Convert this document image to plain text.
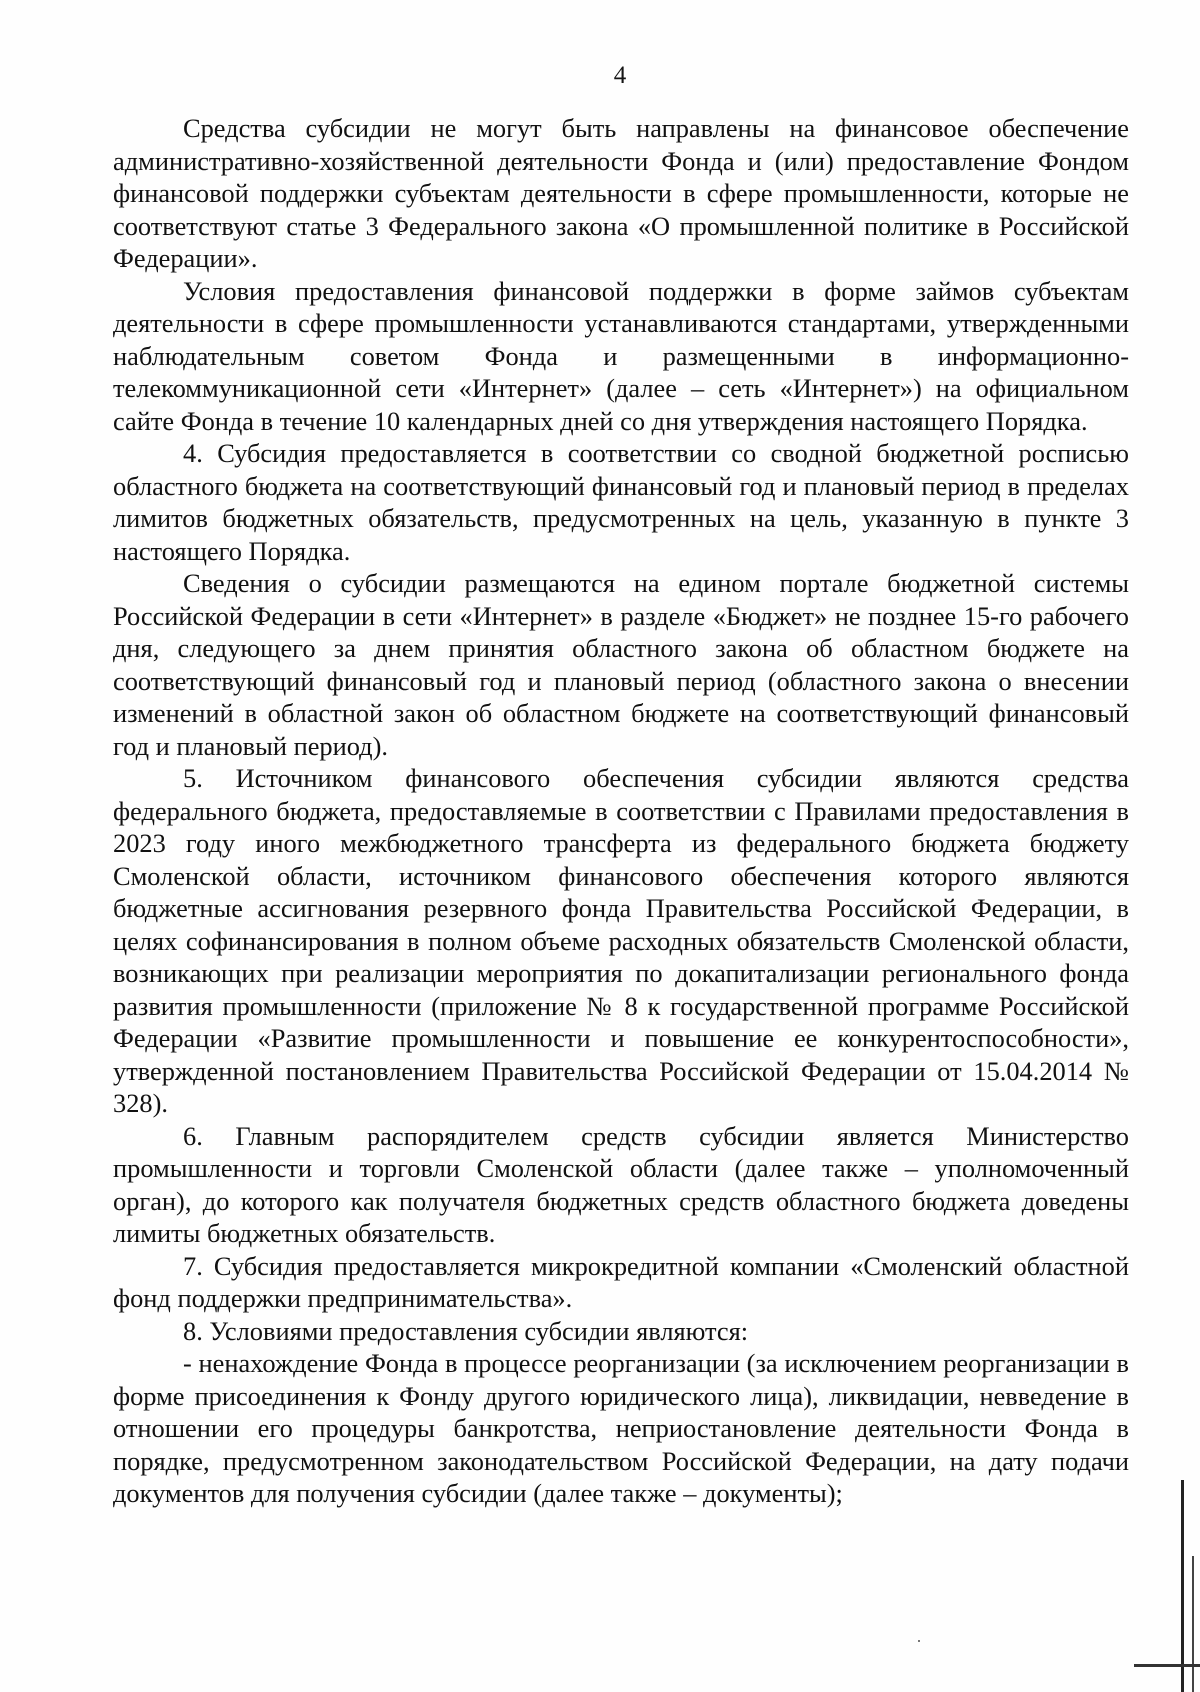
4

Средства субсидии не могут быть направлены на финансовое обеспечение административно-хозяйственной деятельности Фонда и (или) предоставление Фондом финансовой поддержки субъектам деятельности в сфере промышленности, которые не соответствуют статье 3 Федерального закона «О промышленной политике в Российской Федерации».

Условия предоставления финансовой поддержки в форме займов субъектам деятельности в сфере промышленности устанавливаются стандартами, утвержденными наблюдательным советом Фонда и размещенными в информационно-телекоммуникационной сети «Интернет» (далее – сеть «Интернет») на официальном сайте Фонда в течение 10 календарных дней со дня утверждения настоящего Порядка.

4. Субсидия предоставляется в соответствии со сводной бюджетной росписью областного бюджета на соответствующий финансовый год и плановый период в пределах лимитов бюджетных обязательств, предусмотренных на цель, указанную в пункте 3 настоящего Порядка.

Сведения о субсидии размещаются на едином портале бюджетной системы Российской Федерации в сети «Интернет» в разделе «Бюджет» не позднее 15-го рабочего дня, следующего за днем принятия областного закона об областном бюджете на соответствующий финансовый год и плановый период (областного закона о внесении изменений в областной закон об областном бюджете на соответствующий финансовый год и плановый период).

5. Источником финансового обеспечения субсидии являются средства федерального бюджета, предоставляемые в соответствии с Правилами предоставления в 2023 году иного межбюджетного трансферта из федерального бюджета бюджету Смоленской области, источником финансового обеспечения которого являются бюджетные ассигнования резервного фонда Правительства Российской Федерации, в целях софинансирования в полном объеме расходных обязательств Смоленской области, возникающих при реализации мероприятия по докапитализации регионального фонда развития промышленности (приложение № 8 к государственной программе Российской Федерации «Развитие промышленности и повышение ее конкурентоспособности», утвержденной постановлением Правительства Российской Федерации от 15.04.2014 № 328).

6. Главным распорядителем средств субсидии является Министерство промышленности и торговли Смоленской области (далее также – уполномоченный орган), до которого как получателя бюджетных средств областного бюджета доведены лимиты бюджетных обязательств.

7. Субсидия предоставляется микрокредитной компании «Смоленский областной фонд поддержки предпринимательства».

8. Условиями предоставления субсидии являются:

- ненахождение Фонда в процессе реорганизации (за исключением реорганизации в форме присоединения к Фонду другого юридического лица), ликвидации, невведение в отношении его процедуры банкротства, неприостановление деятельности Фонда в порядке, предусмотренном законодательством Российской Федерации, на дату подачи документов для получения субсидии (далее также – документы);
